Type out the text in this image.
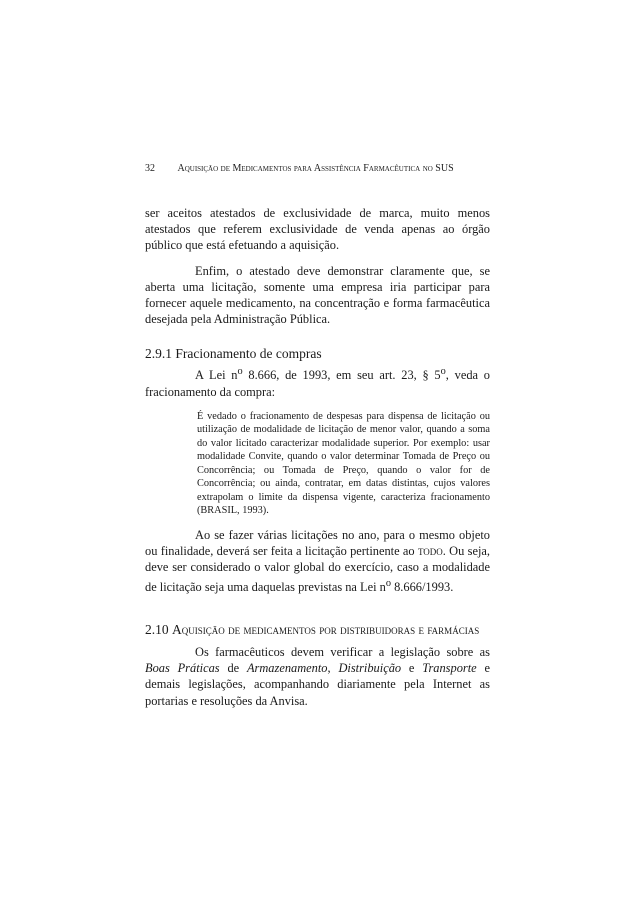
32 Aquisição de Medicamentos para Assistência Farmacêutica no SUS

ser aceitos atestados de exclusividade de marca, muito menos atestados que referem exclusividade de venda apenas ao órgão público que está efetuando a aquisição.

Enfim, o atestado deve demonstrar claramente que, se aberta uma licitação, somente uma empresa iria participar para fornecer aquele medicamento, na concentração e forma farmacêutica desejada pela Administração Pública.

2.9.1 Fracionamento de compras

A Lei $n^o$ 8.666, de 1993, em seu art. 23, § 5$^o$, veda o fracionamento da compra:

É vedado o fracionamento de despesas para dispensa de licitação ou utilização de modalidade de licitação de menor valor, quando a soma do valor licitado caracterizar modalidade superior. Por exemplo: usar modalidade Convite, quando o valor determinar Tomada de Preço ou Concorrência; ou Tomada de Preço, quando o valor for de Concorrência; ou ainda, contratar, em datas distintas, cujos valores extrapolam o limite da dispensa vigente, caracteriza fracionamento (BRASIL, 1993).

Ao se fazer várias licitações no ano, para o mesmo objeto ou finalidade, deverá ser feita a licitação pertinente ao todo. Ou seja, deve ser considerado o valor global do exercício, caso a modalidade de licitação seja uma daquelas previstas na Lei $n^o$ 8.666/1993.

2.10 Aquisição de medicamentos por distribuidoras e farmácias

Os farmacêuticos devem verificar a legislação sobre as Boas Práticas de Armazenamento, Distribuição e Transporte e demais legislações, acompanhando diariamente pela Internet as portarias e resoluções da Anvisa.
